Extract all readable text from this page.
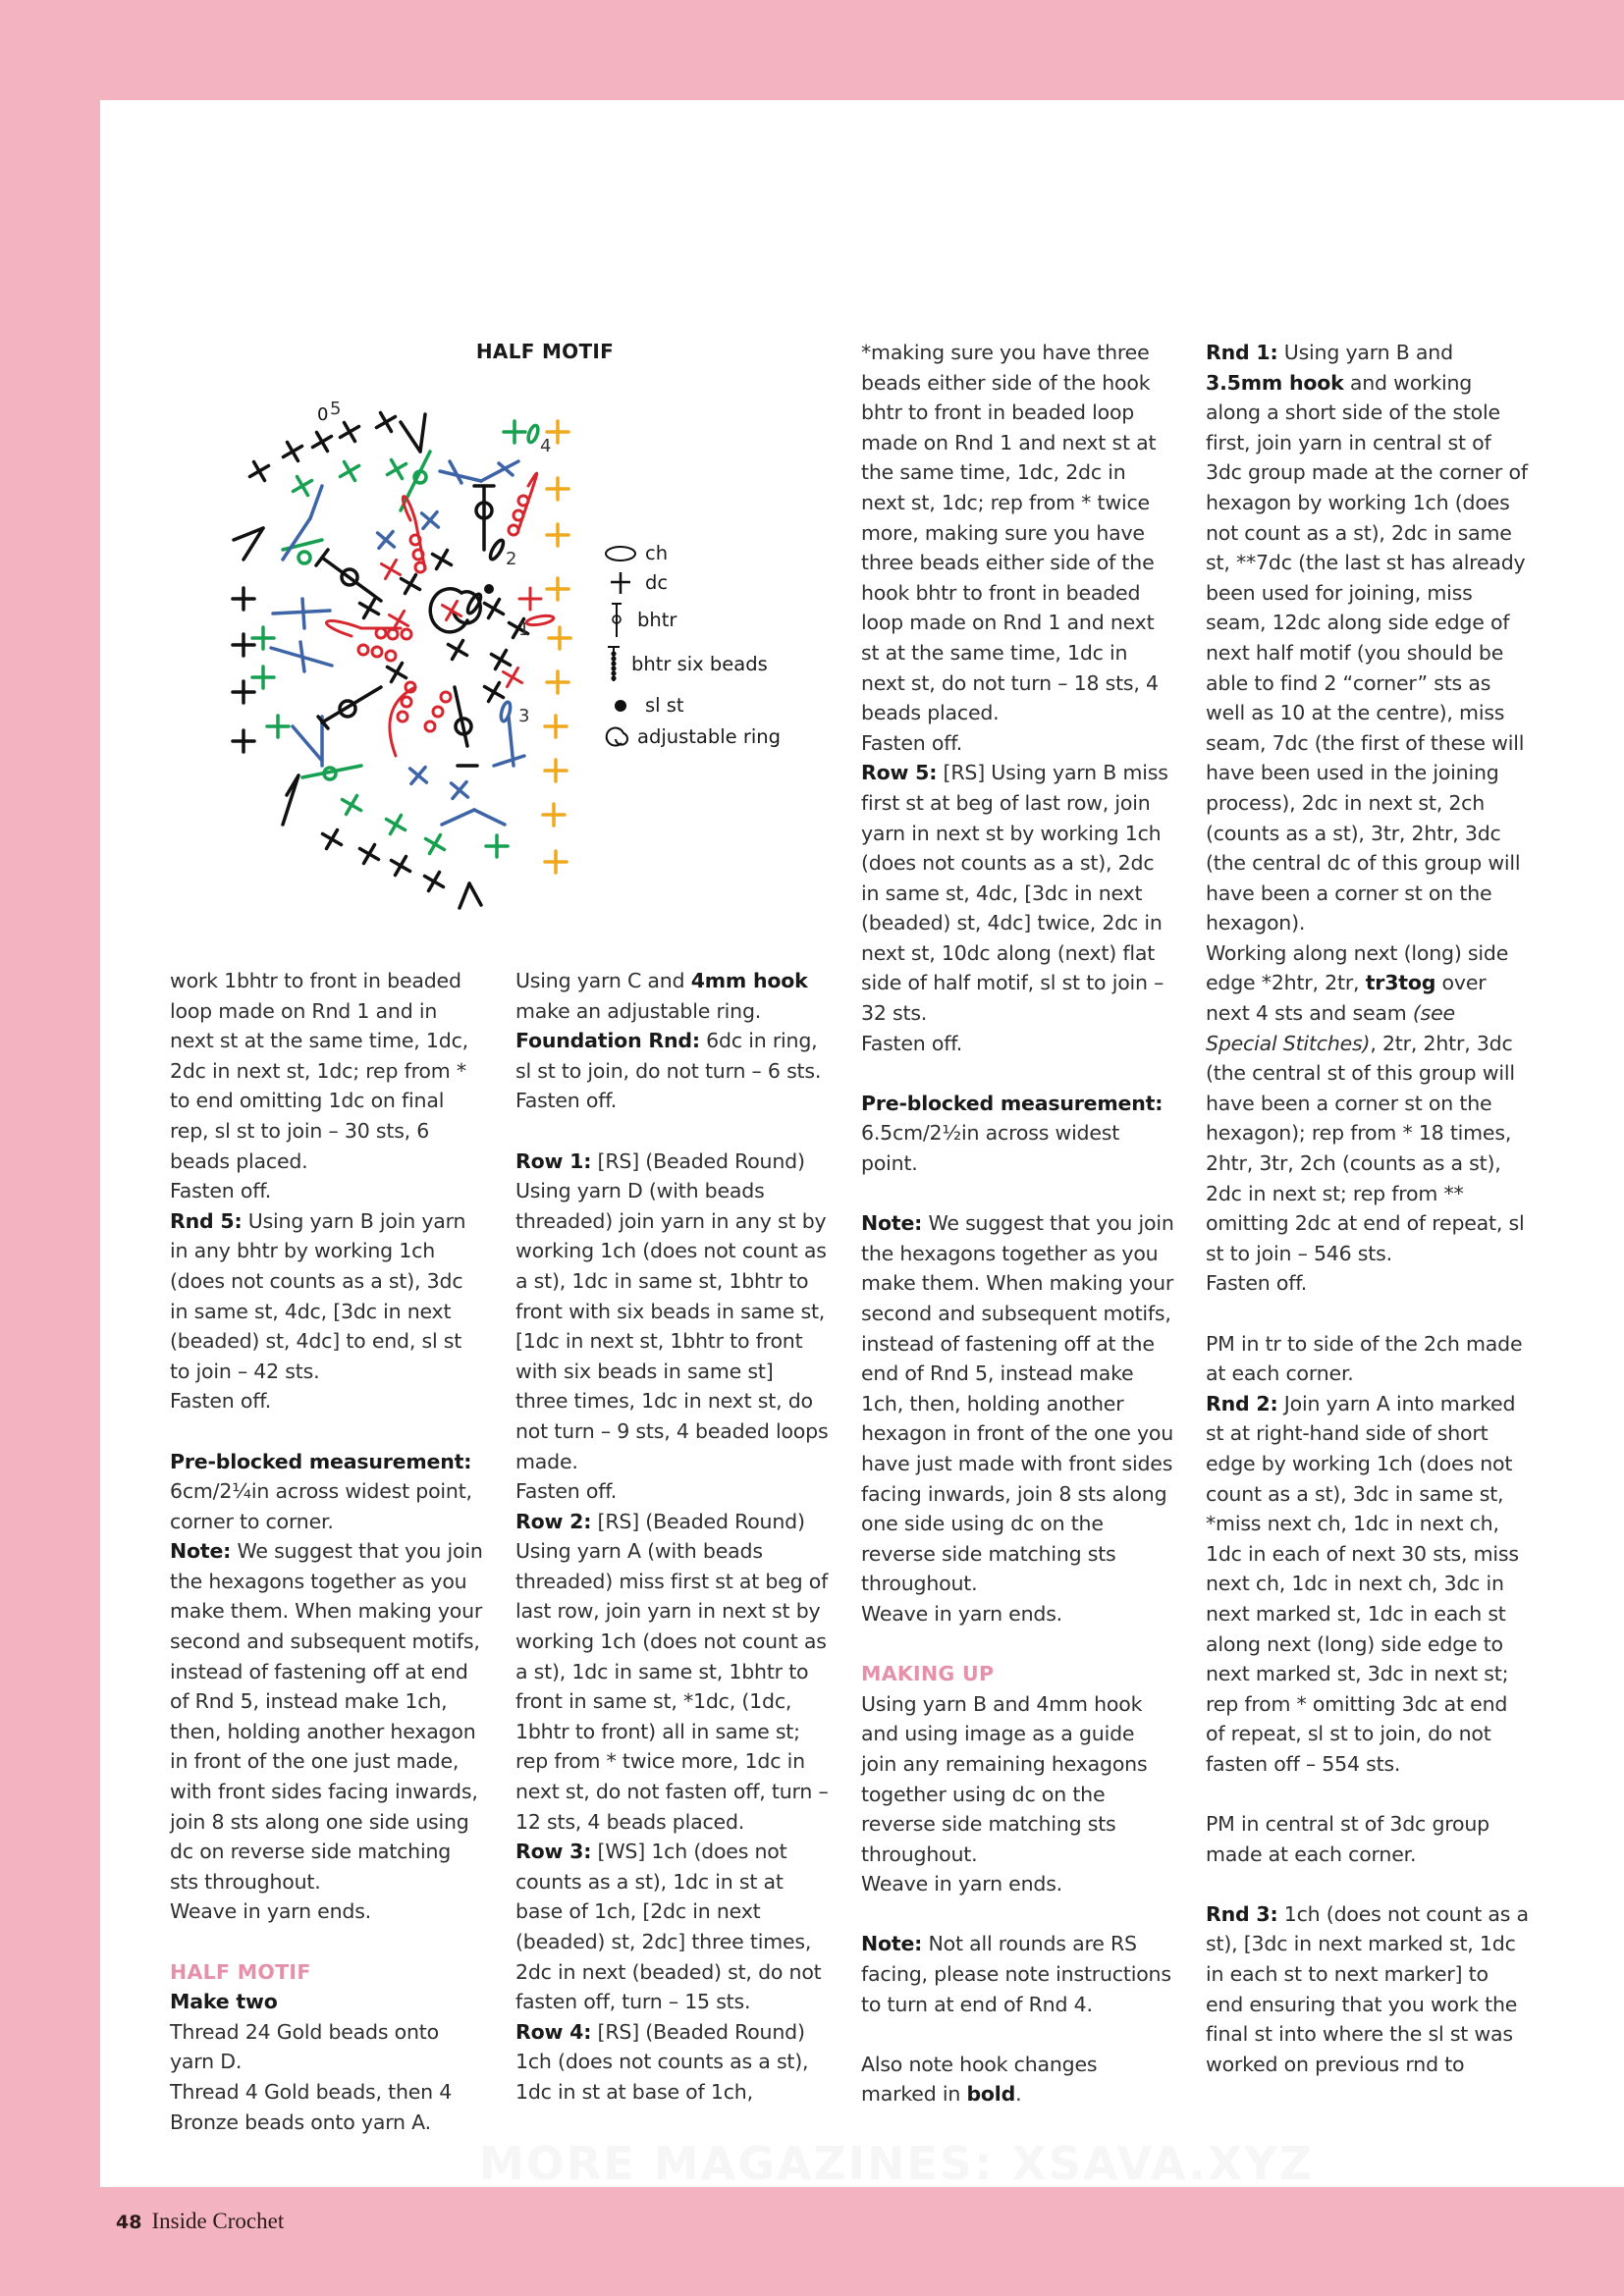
HALF MOTIF
0 5
4
3
2
1
ch
dc
bhtr
bhtr six beads
sl st
adjustable ring

work 1bhtr to front in beaded loop made on Rnd 1 and in next st at the same time, 1dc, 2dc in next st, 1dc; rep from * to end omitting 1dc on final rep, sl st to join – 30 sts, 6 beads placed.

Fasten off.

Rnd 5: Using yarn B join yarn in any bhtr by working 1ch (does not counts as a st), 3dc in same st, 4dc, [3dc in next (beaded) st, 4dc] to end, sl st to join – 42 sts.

Fasten off.

Pre-blocked measurement:

6cm/2¼in across widest point, corner to corner.

Note: We suggest that you join the hexagons together as you make them. When making your second and subsequent motifs, instead of fastening off at end of Rnd 5, instead make 1ch, then, holding another hexagon in front of the one just made, with front sides facing inwards, join 8 sts along one side using dc on reverse side matching sts throughout.

Weave in yarn ends.

HALF MOTIF

Make two

Thread 24 Gold beads onto yarn D.

Thread 4 Gold beads, then 4 Bronze beads onto yarn A.

Using yarn C and 4mm hook make an adjustable ring.

Foundation Rnd: 6dc in ring, sl st to join, do not turn – 6 sts.

Fasten off.

Row 1: [RS] (Beaded Round) Using yarn D (with beads threaded) join yarn in any st by working 1ch (does not count as a st), 1dc in same st, 1bhtr to front with six beads in same st, [1dc in next st, 1bhtr to front with six beads in same st] three times, 1dc in next st, do not turn – 9 sts, 4 beaded loops made.

Fasten off.

Row 2: [RS] (Beaded Round) Using yarn A (with beads threaded) miss first st at beg of last row, join yarn in next st by working 1ch (does not count as a st), 1dc in same st, 1bhtr to front in same st, *1dc, (1dc, 1bhtr to front) all in same st; rep from * twice more, 1dc in next st, do not fasten off, turn – 12 sts, 4 beads placed.

Row 3: [WS] 1ch (does not counts as a st), 1dc in st at base of 1ch, [2dc in next (beaded) st, 2dc] three times, 2dc in next (beaded) st, do not fasten off, turn – 15 sts.

Row 4: [RS] (Beaded Round) 1ch (does not counts as a st), 1dc in st at base of 1ch,

*making sure you have three beads either side of the hook bhtr to front in beaded loop made on Rnd 1 and next st at the same time, 1dc, 2dc in next st, 1dc; rep from * twice more, making sure you have three beads either side of the hook bhtr to front in beaded loop made on Rnd 1 and next st at the same time, 1dc in next st, do not turn – 18 sts, 4 beads placed.

Fasten off.

Row 5: [RS] Using yarn B miss first st at beg of last row, join yarn in next st by working 1ch (does not counts as a st), 2dc in same st, 4dc, [3dc in next (beaded) st, 4dc] twice, 2dc in next st, 10dc along (next) flat side of half motif, sl st to join – 32 sts.

Fasten off.

Pre-blocked measurement:

6.5cm/2½in across widest point.

Note: We suggest that you join the hexagons together as you make them. When making your second and subsequent motifs, instead of fastening off at the end of Rnd 5, instead make 1ch, then, holding another hexagon in front of the one you have just made with front sides facing inwards, join 8 sts along one side using dc on the reverse side matching sts throughout.

Weave in yarn ends.

MAKING UP

Using yarn B and 4mm hook and using image as a guide join any remaining hexagons together using dc on the reverse side matching sts throughout.

Weave in yarn ends.

Note: Not all rounds are RS facing, please note instructions to turn at end of Rnd 4.

Also note hook changes marked in bold.

Rnd 1: Using yarn B and 3.5mm hook and working along a short side of the stole first, join yarn in central st of 3dc group made at the corner of hexagon by working 1ch (does not count as a st), 2dc in same st, **7dc (the last st has already been used for joining, miss seam, 12dc along side edge of next half motif (you should be able to find 2 “corner” sts as well as 10 at the centre), miss seam, 7dc (the first of these will have been used in the joining process), 2dc in next st, 2ch (counts as a st), 3tr, 2htr, 3dc (the central dc of this group will have been a corner st on the hexagon).

Working along next (long) side edge *2htr, 2tr, tr3tog over next 4 sts and seam (see Special Stitches), 2tr, 2htr, 3dc (the central st of this group will have been a corner st on the hexagon); rep from * 18 times, 2htr, 3tr, 2ch (counts as a st), 2dc in next st; rep from ** omitting 2dc at end of repeat, sl st to join – 546 sts.

Fasten off.

PM in tr to side of the 2ch made at each corner.

Rnd 2: Join yarn A into marked st at right-hand side of short edge by working 1ch (does not count as a st), 3dc in same st, *miss next ch, 1dc in next ch, 1dc in each of next 30 sts, miss next ch, 1dc in next ch, 3dc in next marked st, 1dc in each st along next (long) side edge to next marked st, 3dc in next st; rep from * omitting 3dc at end of repeat, sl st to join, do not fasten off – 554 sts.

PM in central st of 3dc group made at each corner.

Rnd 3: 1ch (does not count as a st), [3dc in next marked st, 1dc in each st to next marker] to end ensuring that you work the final st into where the sl st was worked on previous rnd to

MORE MAGAZINES: XSAVA.XYZ
48 Inside Crochet
